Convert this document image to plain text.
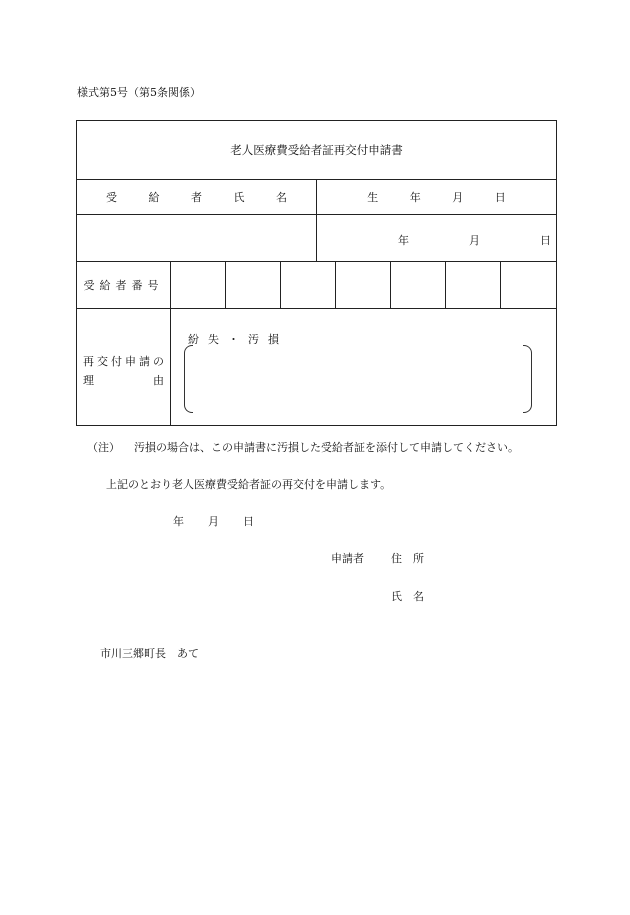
様式第5号（第5条関係）
老人医療費受給者証再交付申請書								
受 給 者 氏 名				生 年 月 日				

				年 月 日				

受給者番号								

再交付申請の
理 由	紛失・汚損							
（注） 汚損の場合は、この申請書に汚損した受給者証を添付して申請してください。
上記のとおり老人医療費受給者証の再交付を申請します。
年 月 日
申請者 住　所
氏　名
市川三郷町長　あて
